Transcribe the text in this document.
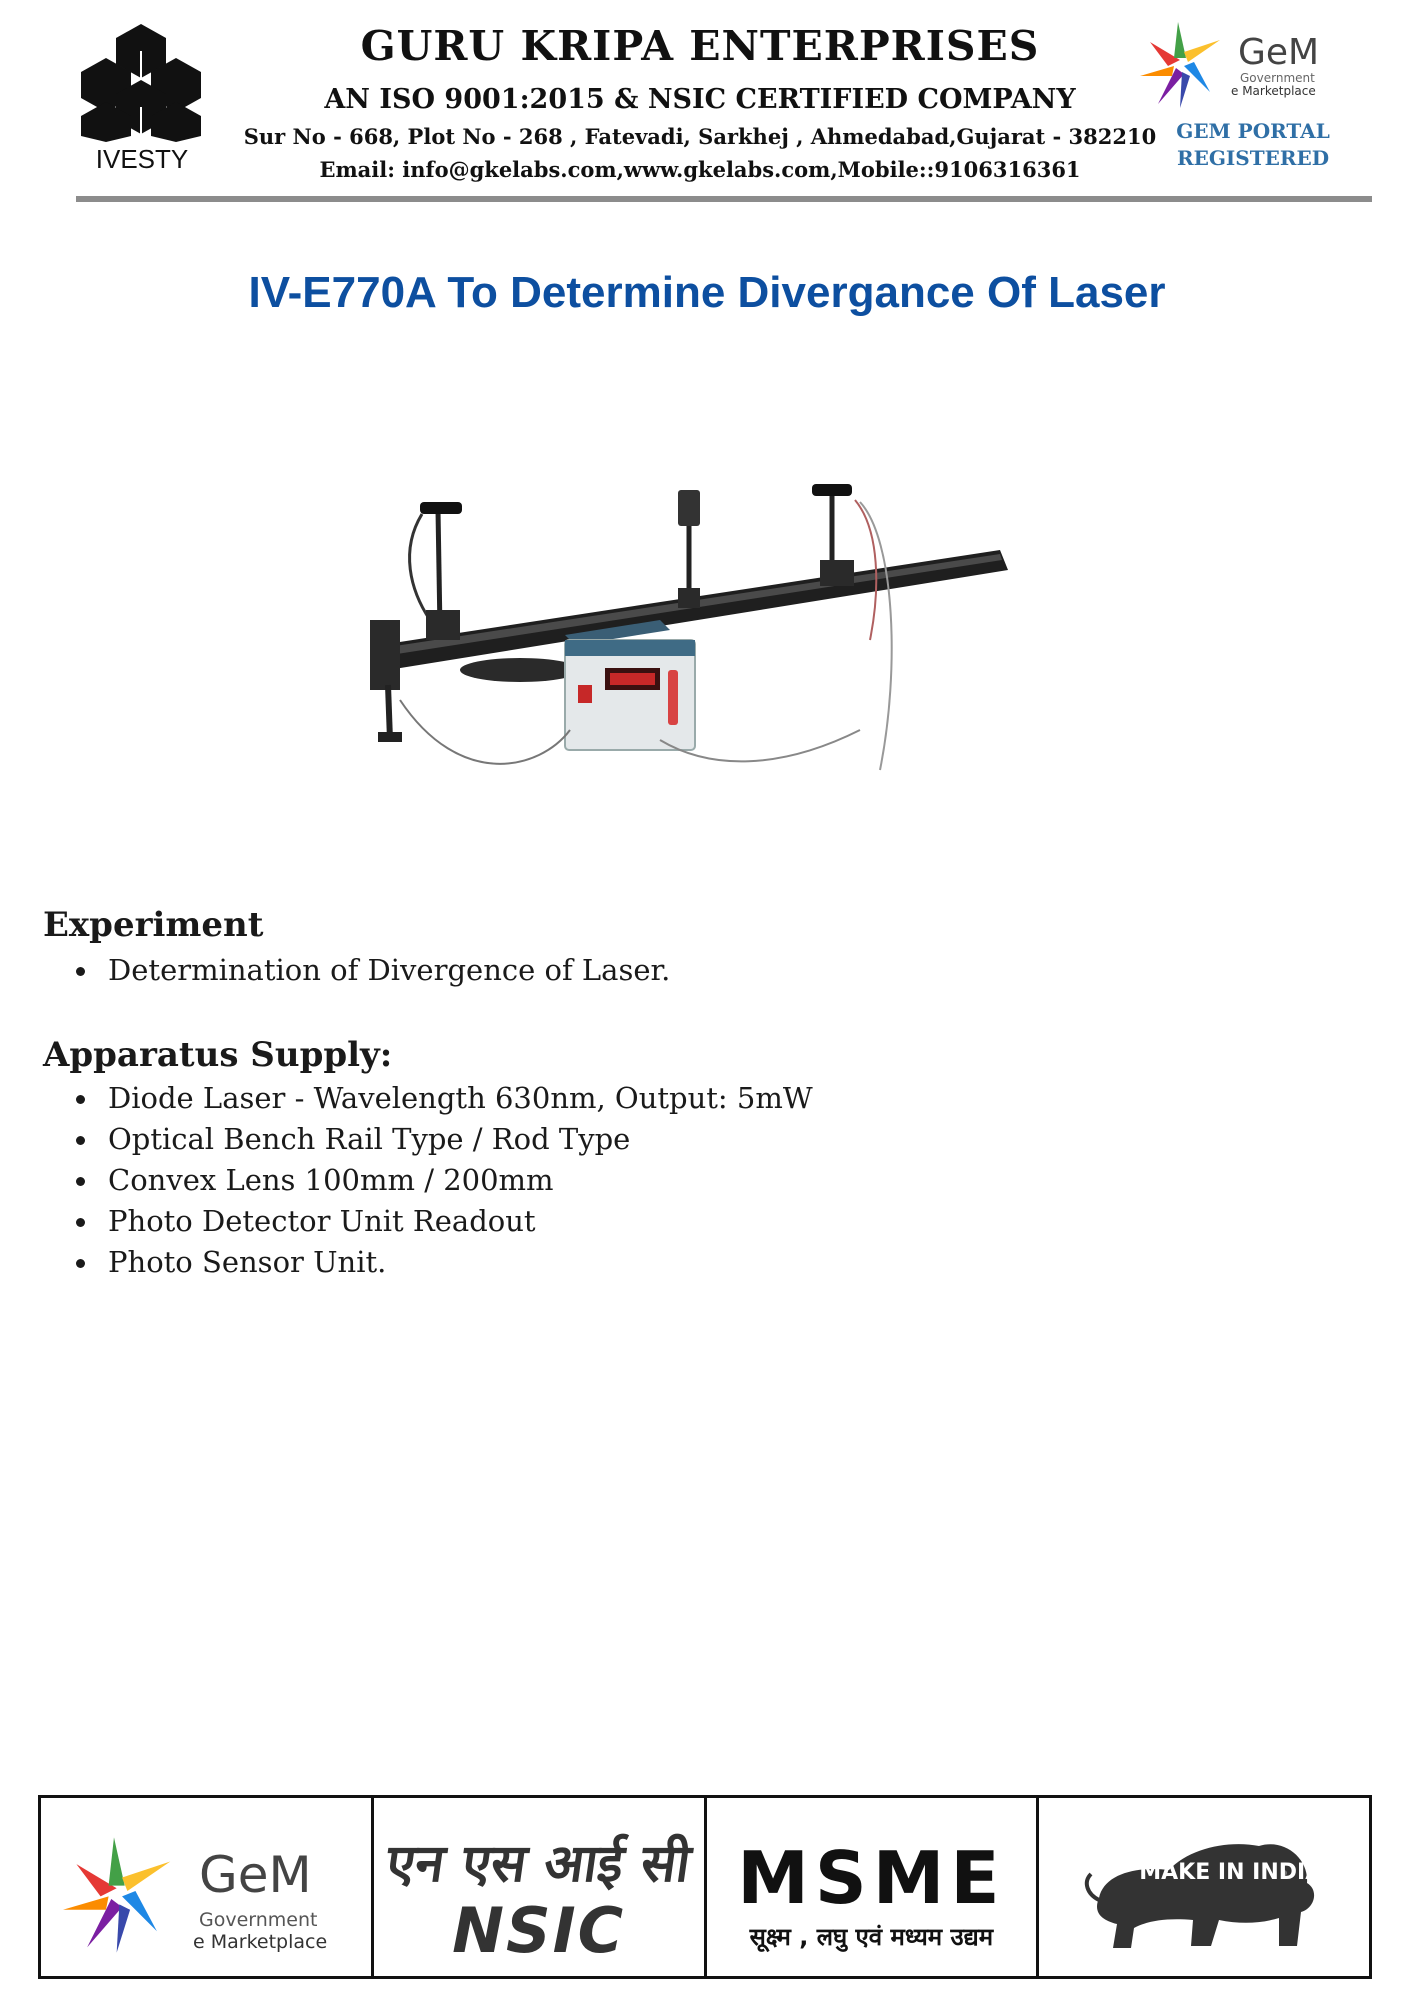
IVESTY
GURU KRIPA ENTERPRISES
AN ISO 9001:2015 & NSIC CERTIFIED COMPANY
Sur No - 668, Plot No - 268 , Fatevadi, Sarkhej , Ahmedabad,Gujarat - 382210
Email: info@gkelabs.com,www.gkelabs.com,Mobile::9106316361
GeM
Government
e Marketplace
GEM PORTAL
REGISTERED
IV-E770A To Determine Divergance Of Laser
Experiment
Determination of Divergence of Laser.
Apparatus Supply:
Diode Laser - Wavelength 630nm, Output: 5mW
Optical Bench Rail Type / Rod Type
Convex Lens 100mm / 200mm
Photo Detector Unit Readout
Photo Sensor Unit.
GeM
Government
e Marketplace
एन एस आई सी
NSIC
MSME
सूक्ष्म , लघु एवं मध्यम उद्यम
MAKE IN INDIA
